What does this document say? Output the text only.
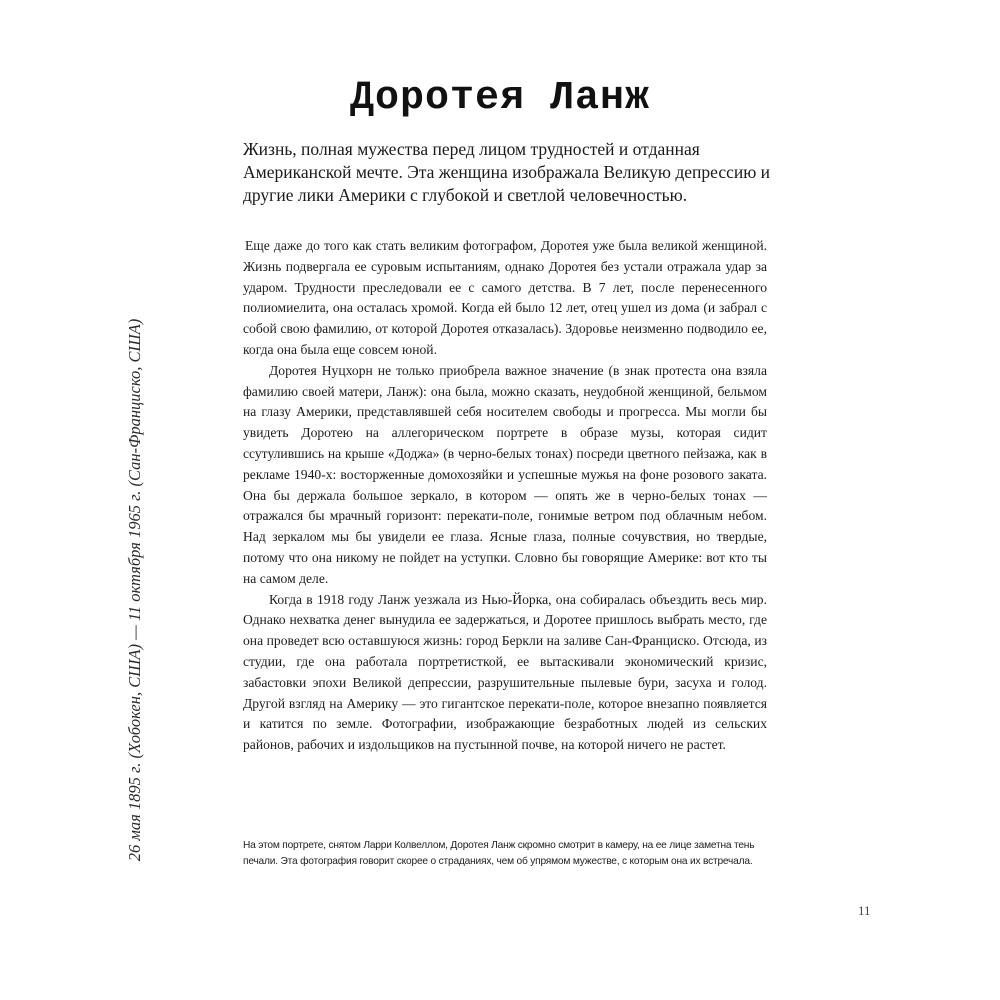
Доротея Ланж

Жизнь, полная мужества перед лицом трудностей и отданная Американской мечте. Эта женщина изображала Великую депрессию и другие лики Америки с глубокой и светлой человечностью.

Еще даже до того как стать великим фотографом, Доротея уже была великой женщиной. Жизнь подвергала ее суровым испытаниям, однако Доротея без устали отражала удар за ударом. Трудности преследовали ее с самого детства. В 7 лет, после перенесенного полиомиелита, она осталась хромой. Когда ей было 12 лет, отец ушел из дома (и забрал с собой свою фамилию, от которой Доротея отказалась). Здоровье неизменно подводило ее, когда она была еще совсем юной.

Доротея Нуцхорн не только приобрела важное значение (в знак протеста она взяла фамилию своей матери, Ланж): она была, можно сказать, неудобной женщиной, бельмом на глазу Америки, представлявшей себя носителем свободы и прогресса. Мы могли бы увидеть Доротею на аллегорическом портрете в образе музы, которая сидит ссутулившись на крыше «Доджа» (в черно-белых тонах) посреди цветного пейзажа, как в рекламе 1940-х: восторженные домохозяйки и успешные мужья на фоне розового заката. Она бы держала большое зеркало, в котором — опять же в черно-белых тонах — отражался бы мрачный горизонт: перекати-поле, гонимые ветром под облачным небом. Над зеркалом мы бы увидели ее глаза. Ясные глаза, полные сочувствия, но твердые, потому что она никому не пойдет на уступки. Словно бы говорящие Америке: вот кто ты на самом деле.

Когда в 1918 году Ланж уезжала из Нью-Йорка, она собиралась объездить весь мир. Однако нехватка денег вынудила ее задержаться, и Доротее пришлось выбрать место, где она проведет всю оставшуюся жизнь: город Беркли на заливе Сан-Франциско. Отсюда, из студии, где она работала портретисткой, ее вытаскивали экономический кризис, забастовки эпохи Великой депрессии, разрушительные пылевые бури, засуха и голод. Другой взгляд на Америку — это гигантское перекати-поле, которое внезапно появляется и катится по земле. Фотографии, изображающие безработных людей из сельских районов, рабочих и издольщиков на пустынной почве, на которой ничего не растет.

На этом портрете, снятом Ларри Колвеллом, Доротея Ланж скромно смотрит в камеру, на ее лице заметна тень печали. Эта фотография говорит скорее о страданиях, чем об упрямом мужестве, с которым она их встречала.
26 мая 1895 г. (Хобокен, США) — 11 октября 1965 г. (Сан-Франциско, США)
11
